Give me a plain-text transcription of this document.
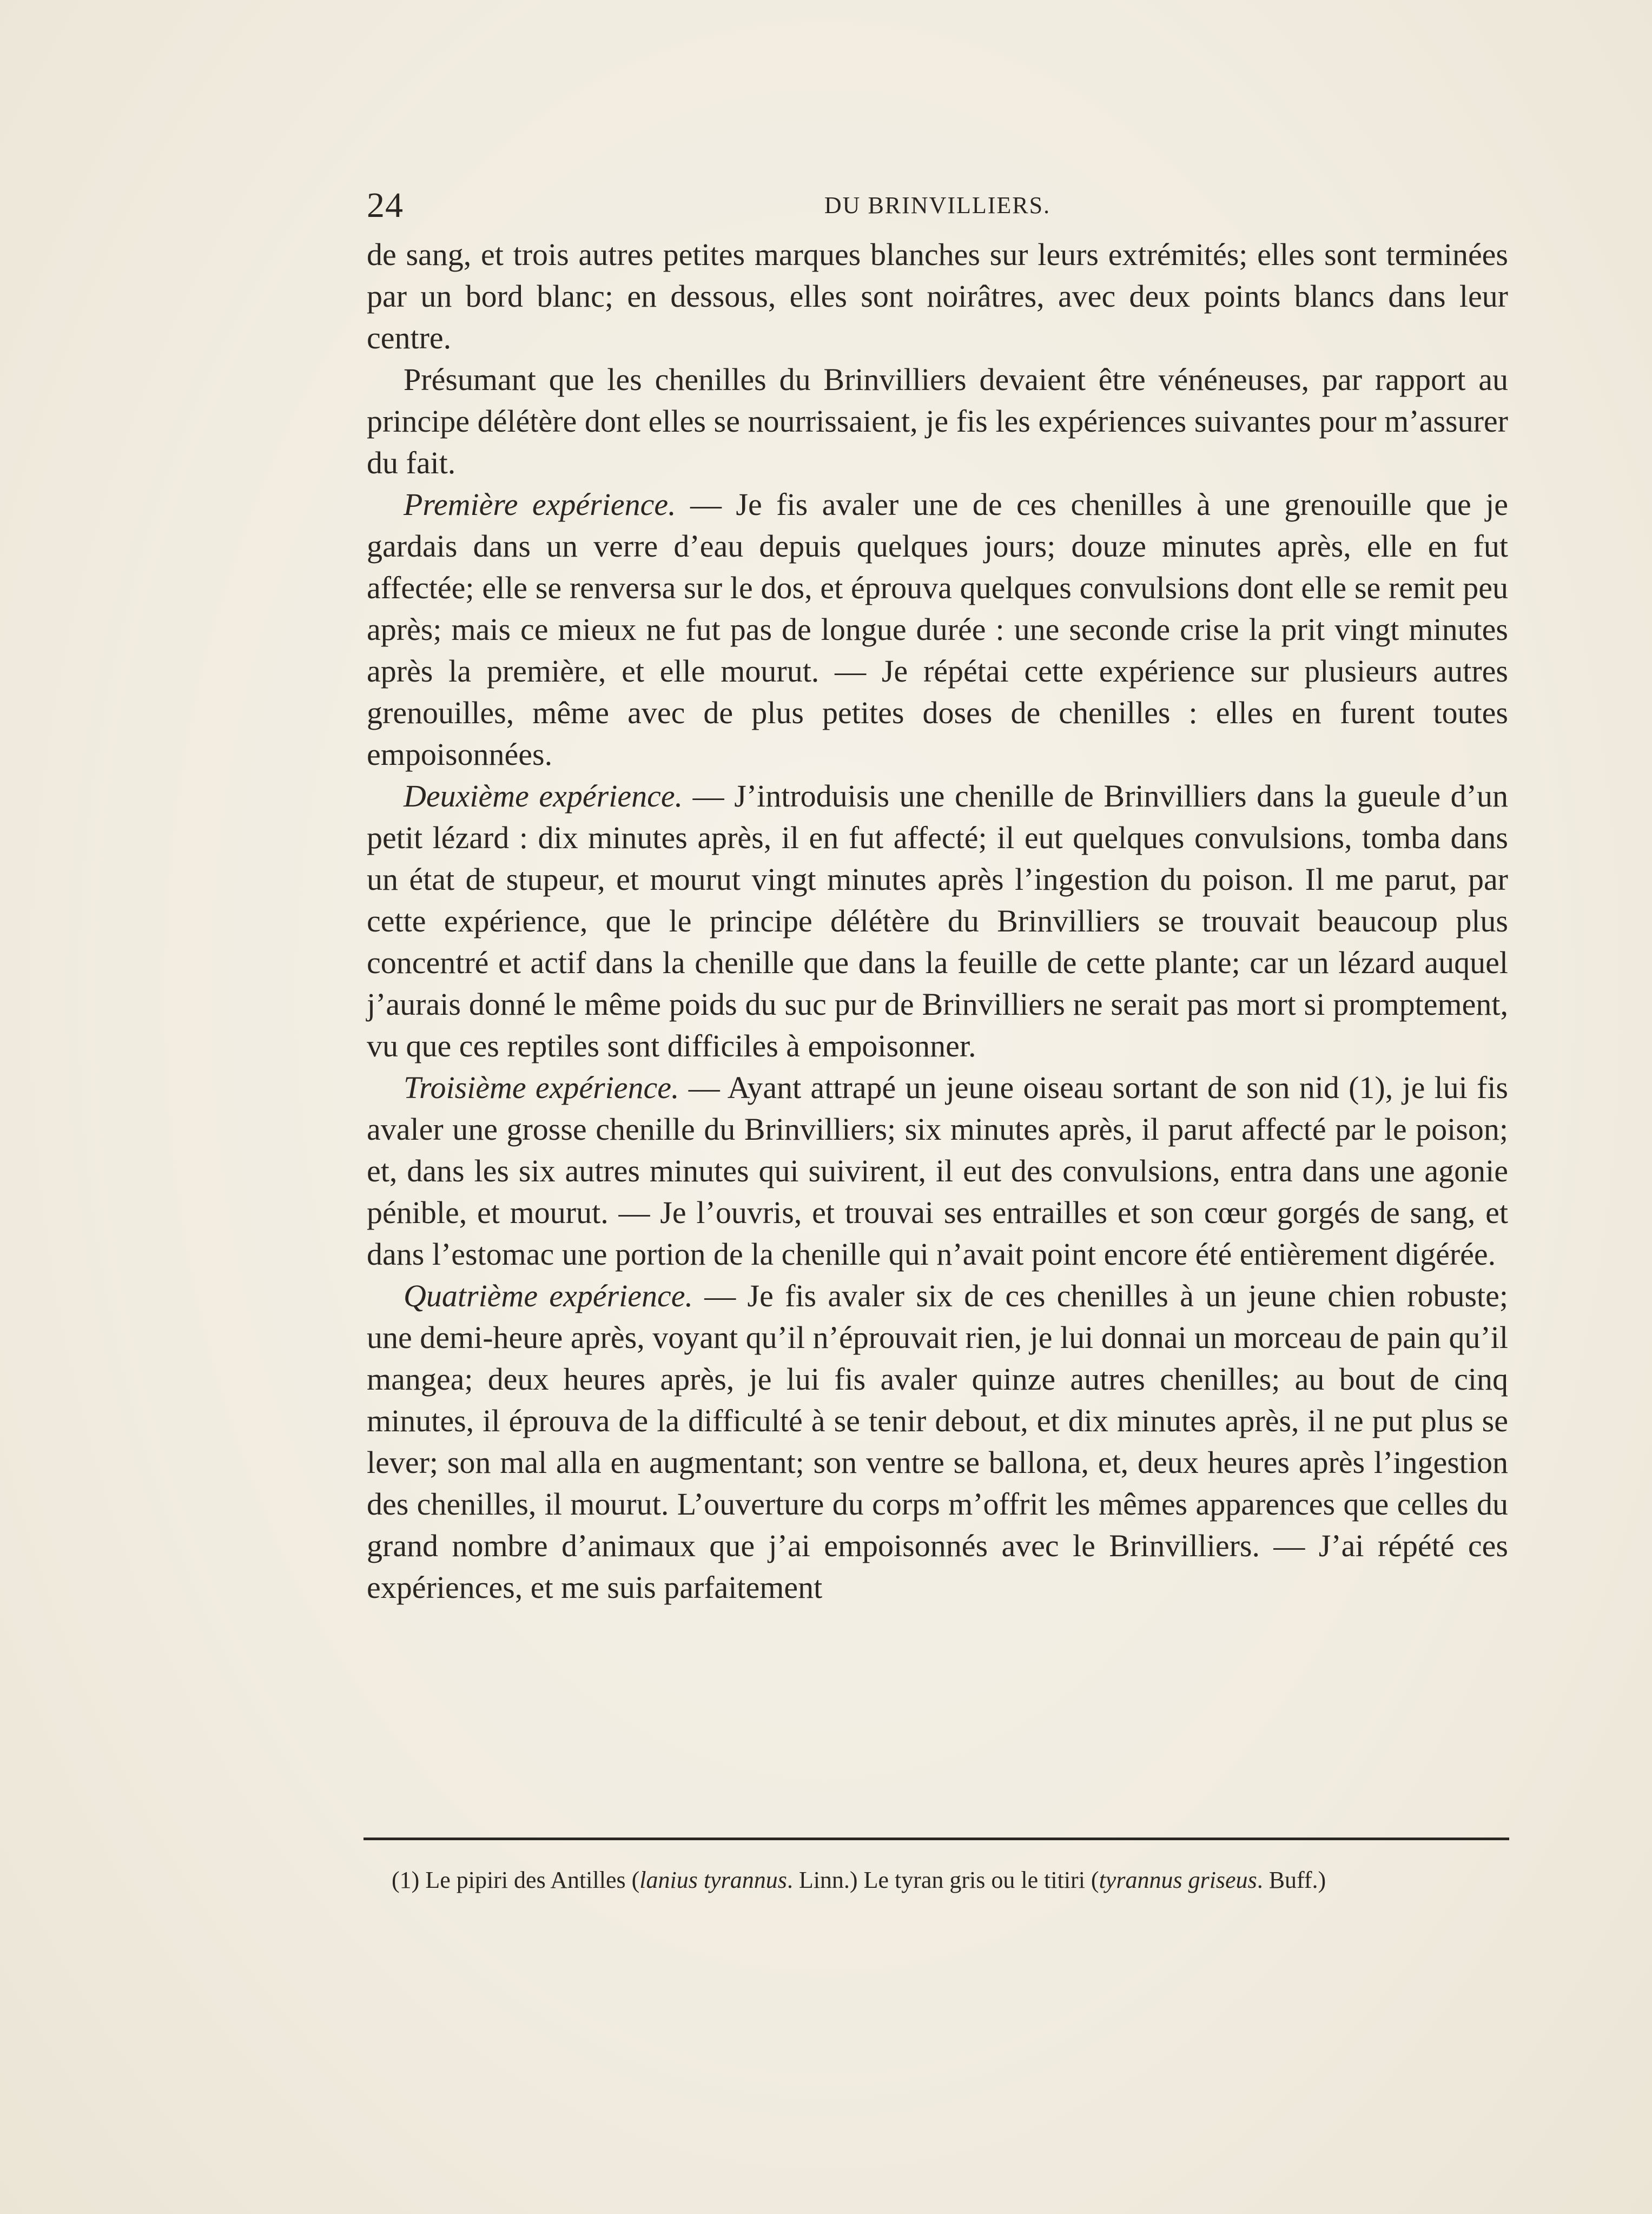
24	DU BRINVILLIERS.

de sang, et trois autres petites marques blanches sur leurs extrémités; elles sont terminées par un bord blanc; en dessous, elles sont noirâtres, avec deux points blancs dans leur centre.

Présumant que les chenilles du Brinvilliers devaient être vénéneuses, par rapport au principe délétère dont elles se nourrissaient, je fis les expériences suivantes pour m’assurer du fait.

Première expérience. — Je fis avaler une de ces chenilles à une grenouille que je gardais dans un verre d’eau depuis quelques jours; douze minutes après, elle en fut affectée; elle se renversa sur le dos, et éprouva quelques convulsions dont elle se remit peu après; mais ce mieux ne fut pas de longue durée : une seconde crise la prit vingt minutes après la première, et elle mourut. — Je répétai cette expérience sur plusieurs autres grenouilles, même avec de plus petites doses de chenilles : elles en furent toutes empoisonnées.

Deuxième expérience. — J’introduisis une chenille de Brinvilliers dans la gueule d’un petit lézard : dix minutes après, il en fut affecté; il eut quelques convulsions, tomba dans un état de stupeur, et mourut vingt minutes après l’ingestion du poison. Il me parut, par cette expérience, que le principe délétère du Brinvilliers se trouvait beaucoup plus concentré et actif dans la chenille que dans la feuille de cette plante; car un lézard auquel j’aurais donné le même poids du suc pur de Brinvilliers ne serait pas mort si promptement, vu que ces reptiles sont difficiles à empoisonner.

Troisième expérience. — Ayant attrapé un jeune oiseau sortant de son nid (1), je lui fis avaler une grosse chenille du Brinvilliers; six minutes après, il parut affecté par le poison; et, dans les six autres minutes qui suivirent, il eut des convulsions, entra dans une agonie pénible, et mourut. — Je l’ouvris, et trouvai ses entrailles et son cœur gorgés de sang, et dans l’estomac une portion de la chenille qui n’avait point encore été entièrement digérée.

Quatrième expérience. — Je fis avaler six de ces chenilles à un jeune chien robuste; une demi-heure après, voyant qu’il n’éprouvait rien, je lui donnai un morceau de pain qu’il mangea; deux heures après, je lui fis avaler quinze autres chenilles; au bout de cinq minutes, il éprouva de la difficulté à se tenir debout, et dix minutes après, il ne put plus se lever; son mal alla en augmentant; son ventre se ballona, et, deux heures après l’ingestion des chenilles, il mourut. L’ouverture du corps m’offrit les mêmes apparences que celles du grand nombre d’animaux que j’ai empoisonnés avec le Brinvilliers. — J’ai répété ces expériences, et me suis parfaitement

(1) Le pipiri des Antilles (lanius tyrannus. Linn.) Le tyran gris ou le titiri (tyrannus griseus. Buff.)
